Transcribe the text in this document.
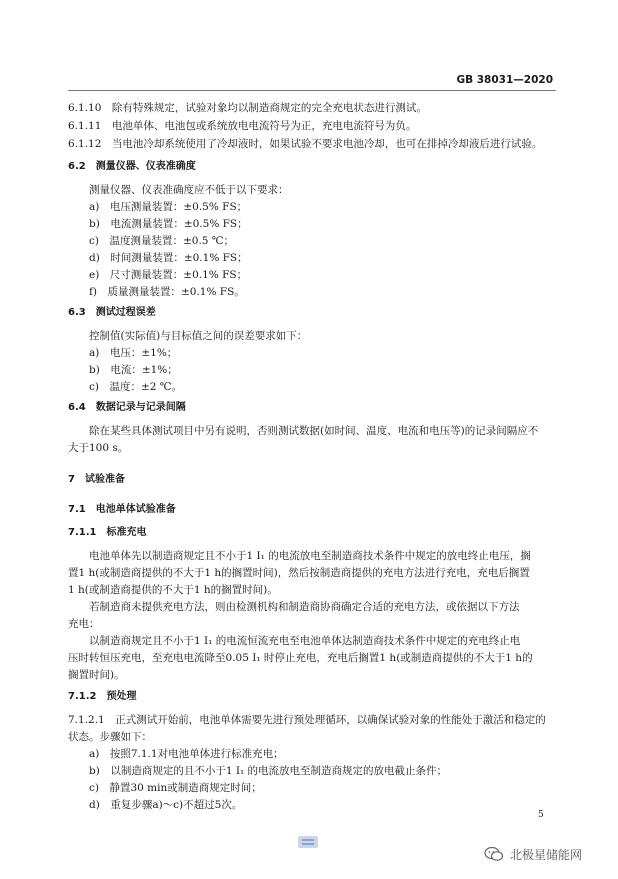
GB 38031—2020
6.1.10　除有特殊规定，试验对象均以制造商规定的完全充电状态进行测试。
6.1.11　电池单体、电池包或系统放电电流符号为正，充电电流符号为负。
6.1.12　当电池冷却系统使用了冷却液时，如果试验不要求电池冷却，也可在排掉冷却液后进行试验。
6.2　测量仪器、仪表准确度
测量仪器、仪表准确度应不低于以下要求：
a)　电压测量装置：±0.5% FS；
b)　电流测量装置：±0.5% FS；
c)　温度测量装置：±0.5 ℃；
d)　时间测量装置：±0.1% FS；
e)　尺寸测量装置：±0.1% FS；
f)　质量测量装置：±0.1% FS。
6.3　测试过程误差
控制值(实际值)与目标值之间的误差要求如下：
a)　电压：±1%；
b)　电流：±1%；
c)　温度：±2 ℃。
6.4　数据记录与记录间隔
除在某些具体测试项目中另有说明，否则测试数据(如时间、温度、电流和电压等)的记录间隔应不
大于100 s。
7　试验准备
7.1　电池单体试验准备
7.1.1　标准充电
电池单体先以制造商规定且不小于1 I₁ 的电流放电至制造商技术条件中规定的放电终止电压，搁
置1 h(或制造商提供的不大于1 h的搁置时间)，然后按制造商提供的充电方法进行充电，充电后搁置
1 h(或制造商提供的不大于1 h的搁置时间)。
若制造商未提供充电方法，则由检测机构和制造商协商确定合适的充电方法，或依据以下方法
充电：
以制造商规定且不小于1 I₁ 的电流恒流充电至电池单体达制造商技术条件中规定的充电终止电
压时转恒压充电，至充电电流降至0.05 I₁ 时停止充电，充电后搁置1 h(或制造商提供的不大于1 h的
搁置时间)。
7.1.2　预处理
7.1.2.1　正式测试开始前，电池单体需要先进行预处理循环，以确保试验对象的性能处于激活和稳定的
状态。步骤如下：
a)　按照7.1.1对电池单体进行标准充电；
b)　以制造商规定的且不小于1 I₁ 的电流放电至制造商规定的放电截止条件；
c)　静置30 min或制造商规定时间；
d)　重复步骤a)～c)不超过5次。
5
北极星储能网
